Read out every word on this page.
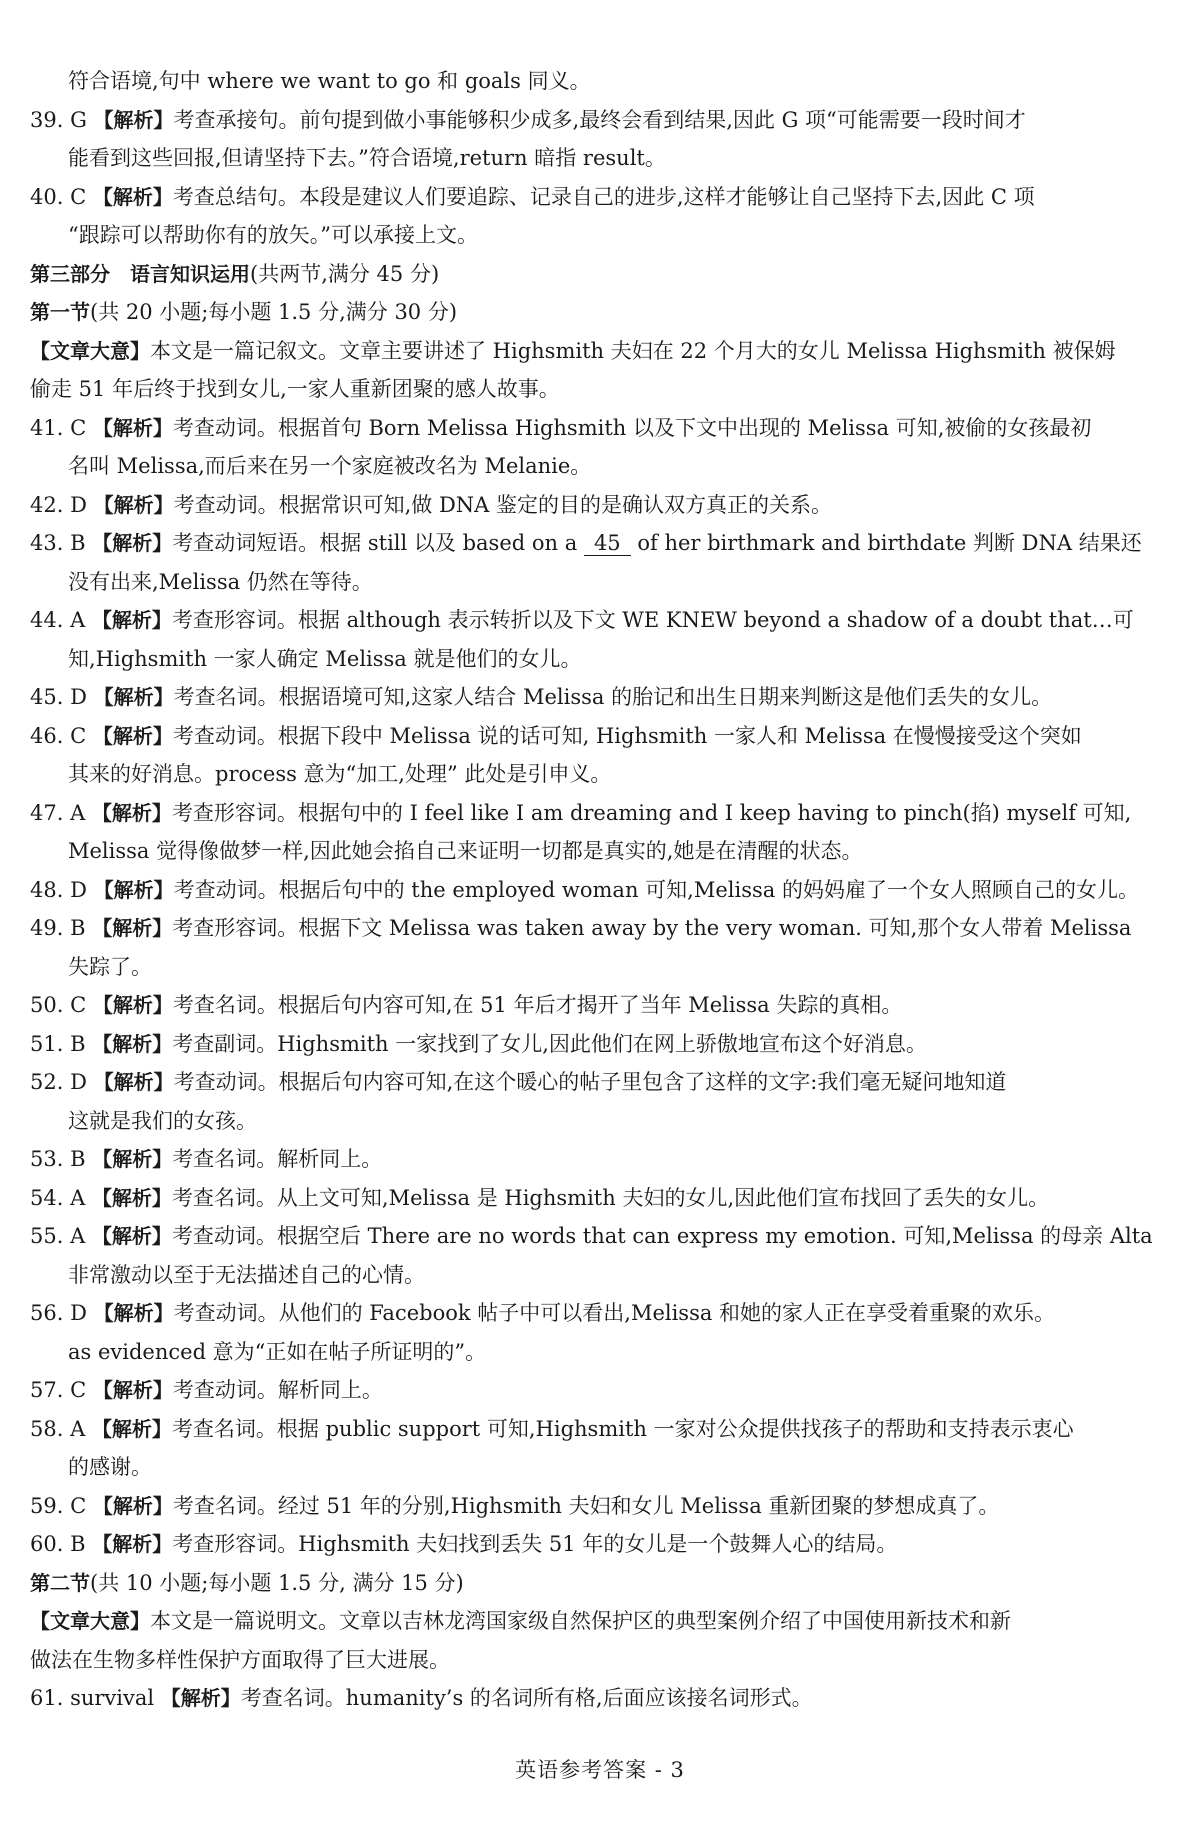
符合语境,句中 where we want to go 和 goals 同义。
39. G 【解析】考查承接句。前句提到做小事能够积少成多,最终会看到结果,因此 G 项“可能需要一段时间才
能看到这些回报,但请坚持下去。”符合语境,return 暗指 result。
40. C 【解析】考查总结句。本段是建议人们要追踪、记录自己的进步,这样才能够让自己坚持下去,因此 C 项
“跟踪可以帮助你有的放矢。”可以承接上文。
第三部分　语言知识运用(共两节,满分 45 分)
第一节(共 20 小题;每小题 1.5 分,满分 30 分)
【文章大意】本文是一篇记叙文。文章主要讲述了 Highsmith 夫妇在 22 个月大的女儿 Melissa Highsmith 被保姆
偷走 51 年后终于找到女儿,一家人重新团聚的感人故事。
41. C 【解析】考查动词。根据首句 Born Melissa Highsmith 以及下文中出现的 Melissa 可知,被偷的女孩最初
名叫 Melissa,而后来在另一个家庭被改名为 Melanie。
42. D 【解析】考查动词。根据常识可知,做 DNA 鉴定的目的是确认双方真正的关系。
43. B 【解析】考查动词短语。根据 still 以及 based on a 45 of her birthmark and birthdate 判断 DNA 结果还
没有出来,Melissa 仍然在等待。
44. A 【解析】考查形容词。根据 although 表示转折以及下文 WE KNEW beyond a shadow of a doubt that…可
知,Highsmith 一家人确定 Melissa 就是他们的女儿。
45. D 【解析】考查名词。根据语境可知,这家人结合 Melissa 的胎记和出生日期来判断这是他们丢失的女儿。
46. C 【解析】考查动词。根据下段中 Melissa 说的话可知, Highsmith 一家人和 Melissa 在慢慢接受这个突如
其来的好消息。process 意为“加工,处理” 此处是引申义。
47. A 【解析】考查形容词。根据句中的 I feel like I am dreaming and I keep having to pinch(掐) myself 可知,
Melissa 觉得像做梦一样,因此她会掐自己来证明一切都是真实的,她是在清醒的状态。
48. D 【解析】考查动词。根据后句中的 the employed woman 可知,Melissa 的妈妈雇了一个女人照顾自己的女儿。
49. B 【解析】考查形容词。根据下文 Melissa was taken away by the very woman. 可知,那个女人带着 Melissa
失踪了。
50. C 【解析】考查名词。根据后句内容可知,在 51 年后才揭开了当年 Melissa 失踪的真相。
51. B 【解析】考查副词。Highsmith 一家找到了女儿,因此他们在网上骄傲地宣布这个好消息。
52. D 【解析】考查动词。根据后句内容可知,在这个暖心的帖子里包含了这样的文字:我们毫无疑问地知道
这就是我们的女孩。
53. B 【解析】考查名词。解析同上。
54. A 【解析】考查名词。从上文可知,Melissa 是 Highsmith 夫妇的女儿,因此他们宣布找回了丢失的女儿。
55. A 【解析】考查动词。根据空后 There are no words that can express my emotion. 可知,Melissa 的母亲 Alta
非常激动以至于无法描述自己的心情。
56. D 【解析】考查动词。从他们的 Facebook 帖子中可以看出,Melissa 和她的家人正在享受着重聚的欢乐。
as evidenced 意为“正如在帖子所证明的”。
57. C 【解析】考查动词。解析同上。
58. A 【解析】考查名词。根据 public support 可知,Highsmith 一家对公众提供找孩子的帮助和支持表示衷心
的感谢。
59. C 【解析】考查名词。经过 51 年的分别,Highsmith 夫妇和女儿 Melissa 重新团聚的梦想成真了。
60. B 【解析】考查形容词。Highsmith 夫妇找到丢失 51 年的女儿是一个鼓舞人心的结局。
第二节(共 10 小题;每小题 1.5 分, 满分 15 分)
【文章大意】本文是一篇说明文。文章以吉林龙湾国家级自然保护区的典型案例介绍了中国使用新技术和新
做法在生物多样性保护方面取得了巨大进展。
61. survival 【解析】考查名词。humanity’s 的名词所有格,后面应该接名词形式。
英语参考答案 - 3
